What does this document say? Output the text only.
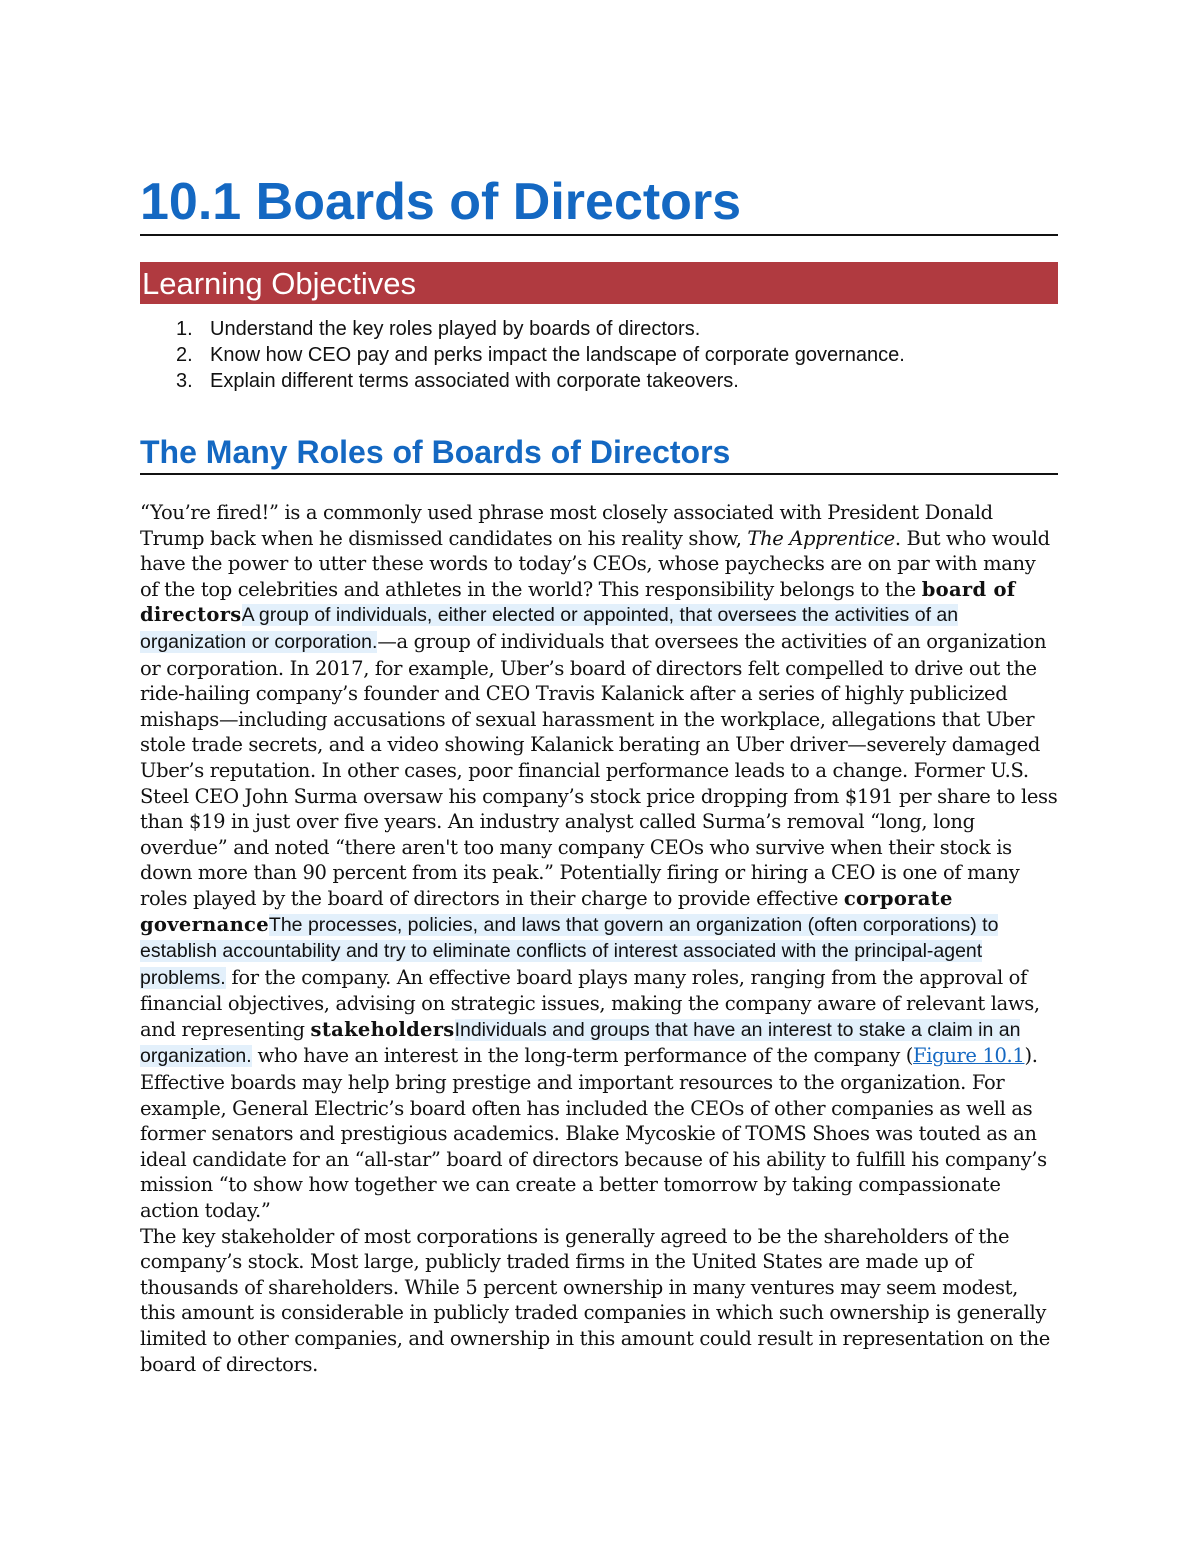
10.1 Boards of Directors
Learning Objectives
1. Understand the key roles played by boards of directors.
2. Know how CEO pay and perks impact the landscape of corporate governance.
3. Explain different terms associated with corporate takeovers.
The Many Roles of Boards of Directors

“You’re fired!” is a commonly used phrase most closely associated with President Donald Trump back when he dismissed candidates on his reality show, The Apprentice. But who would have the power to utter these words to today’s CEOs, whose paychecks are on par with many of the top celebrities and athletes in the world? This responsibility belongs to the board of directorsA group of individuals, either elected or appointed, that oversees the activities of an organization or corporation.—a group of individuals that oversees the activities of an organization or corporation. In 2017, for example, Uber’s board of directors felt compelled to drive out the ride-hailing company’s founder and CEO Travis Kalanick after a series of highly publicized mishaps—including accusations of sexual harassment in the workplace, allegations that Uber stole trade secrets, and a video showing Kalanick berating an Uber driver—severely damaged Uber’s reputation. In other cases, poor financial performance leads to a change. Former U.S. Steel CEO John Surma oversaw his company’s stock price dropping from $191 per share to less than $19 in just over five years. An industry analyst called Surma’s removal “long, long overdue” and noted “there aren't too many company CEOs who survive when their stock is down more than 90 percent from its peak.” Potentially firing or hiring a CEO is one of many roles played by the board of directors in their charge to provide effective corporate governanceThe processes, policies, and laws that govern an organization (often corporations) to establish accountability and try to eliminate conflicts of interest associated with the principal-agent problems. for the company. An effective board plays many roles, ranging from the approval of financial objectives, advising on strategic issues, making the company aware of relevant laws, and representing stakeholdersIndividuals and groups that have an interest to stake a claim in an organization. who have an interest in the long-term performance of the company (Figure 10.1). Effective boards may help bring prestige and important resources to the organization. For example, General Electric’s board often has included the CEOs of other companies as well as former senators and prestigious academics. Blake Mycoskie of TOMS Shoes was touted as an ideal candidate for an “all-star” board of directors because of his ability to fulfill his company’s mission “to show how together we can create a better tomorrow by taking compassionate action today.”

The key stakeholder of most corporations is generally agreed to be the shareholders of the company’s stock. Most large, publicly traded firms in the United States are made up of thousands of shareholders. While 5 percent ownership in many ventures may seem modest, this amount is considerable in publicly traded companies in which such ownership is generally limited to other companies, and ownership in this amount could result in representation on the board of directors.
